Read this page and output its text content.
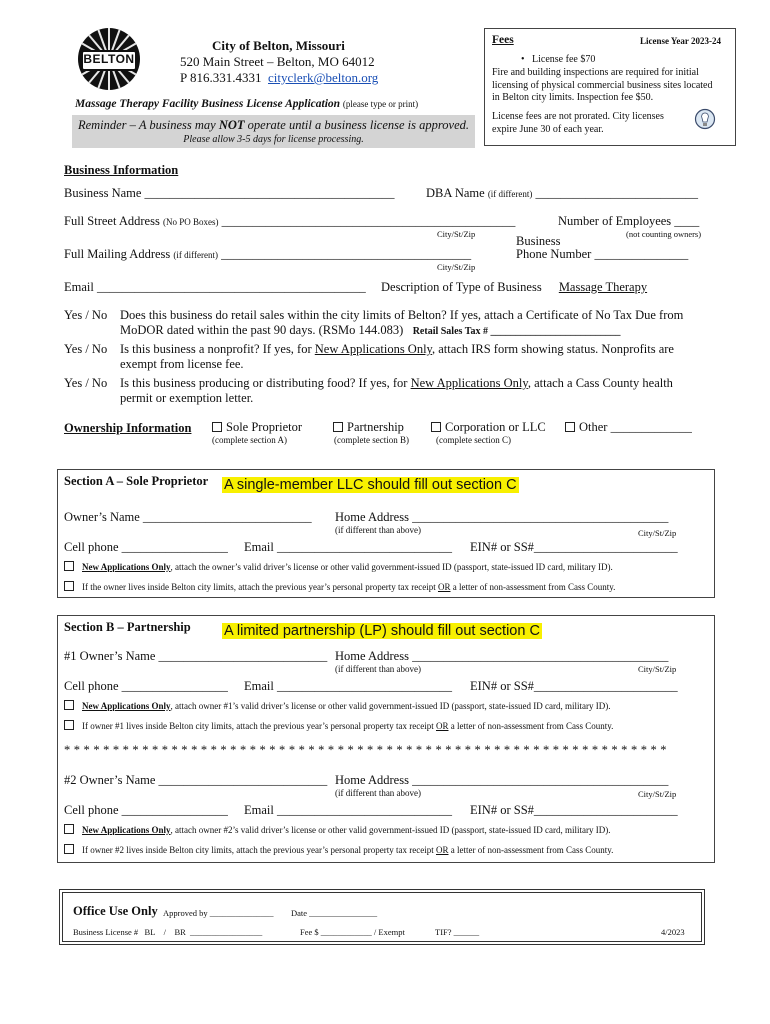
BELTON
City of Belton, Missouri
520 Main Street – Belton, MO 64012
P 816.331.4331 cityclerk@belton.org
Massage Therapy Facility Business License Application (please type or print)
Reminder – A business may NOT operate until a business license is approved.
Please allow 3-5 days for license processing.
Fees	License Year 2023-24
•   License fee $70
Fire and building inspections are required for initial licensing of physical commercial business sites located in Belton city limits. Inspection fee $50.
License fees are not prorated. City licenses expire June 30 of each year.
Business Information
Business Name ________________________________________	DBA Name (if different) __________________________
Full Street Address (No PO Boxes) _______________________________________________	Number of Employees ____
City/St/Zip	(not counting owners)
Full Mailing Address (if different) ________________________________________
Business
Phone Number _______________
City/St/Zip
Email ___________________________________________ Description of Type of Business Massage Therapy
Yes / No Does this business do retail sales within the city limits of Belton? If yes, attach a Certificate of No Tax Due from
MoDOR dated within the past 90 days. (RSMo 144.083) Retail Sales Tax # __________________________
Yes / No Is this business a nonprofit? If yes, for New Applications Only, attach IRS form showing status. Nonprofits are
exempt from license fee.
Yes / No Is this business producing or distributing food? If yes, for New Applications Only, attach a Cass County health
permit or exemption letter.
Ownership Information	Sole Proprietor
(complete section A)
Partnership
(complete section B)
Corporation or LLC
(complete section C)
Other _____________
Section A – Sole Proprietor A single-member LLC should fill out section C
Owner’s Name ___________________________ Home Address _________________________________________
(if different than above)	City/St/Zip
Cell phone _________________ Email ____________________________ EIN# or SS#_______________________
New Applications Only, attach the owner’s valid driver’s license or other valid government-issued ID (passport, state-issued ID card, military ID).
If the owner lives inside Belton city limits, attach the previous year’s personal property tax receipt OR a letter of non-assessment from Cass County.
Section B – Partnership A limited partnership (LP) should fill out section C
#1 Owner’s Name ___________________________ Home Address _________________________________________
(if different than above)	City/St/Zip
Cell phone _________________ Email ____________________________ EIN# or SS#_______________________
New Applications Only, attach owner #1’s valid driver’s license or other valid government-issued ID (passport, state-issued ID card, military ID).
If owner #1 lives inside Belton city limits, attach the previous year’s personal property tax receipt OR a letter of non-assessment from Cass County.
* * * * * * * * * * * * * * * * * * * * * * * * * * * * * * * * * * * * * * * * * * * * * * * * * * * * * * * * * * * * * *
#2 Owner’s Name ___________________________ Home Address _________________________________________
(if different than above)	City/St/Zip
Cell phone _________________ Email ____________________________ EIN# or SS#_______________________
New Applications Only, attach owner #2’s valid driver’s license or other valid government-issued ID (passport, state-issued ID card, military ID).
If owner #2 lives inside Belton city limits, attach the previous year’s personal property tax receipt OR a letter of non-assessment from Cass County.
Office Use Only Approved by _______________ Date ________________
Business License #   BL    /    BR  _________________	Fee $ ____________ / Exempt	TIF? ______	4/2023
